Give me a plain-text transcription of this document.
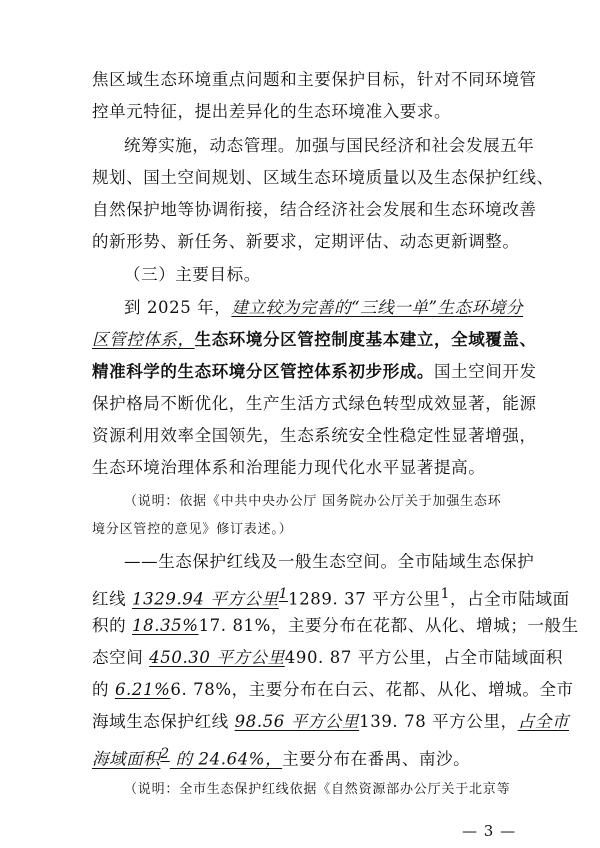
焦区域生态环境重点问题和主要保护目标，针对不同环境管
控单元特征，提出差异化的生态环境准入要求。
统筹实施，动态管理。加强与国民经济和社会发展五年
规划、国土空间规划、区域生态环境质量以及生态保护红线、
自然保护地等协调衔接，结合经济社会发展和生态环境改善
的新形势、新任务、新要求，定期评估、动态更新调整。
（三）主要目标。
到 2025 年，建立较为完善的“三线一单”生态环境分
区管控体系，生态环境分区管控制度基本建立，全域覆盖、
精准科学的生态环境分区管控体系初步形成。国土空间开发
保护格局不断优化，生产生活方式绿色转型成效显著，能源
资源利用效率全国领先，生态系统安全性稳定性显著增强，
生态环境治理体系和治理能力现代化水平显著提高。
（说明：依据《中共中央办公厅 国务院办公厅关于加强生态环
境分区管控的意见》修订表述。）
——生态保护红线及一般生态空间。全市陆域生态保护
红线 1329.94 平方公里$^1$1289. 37 平方公里$^1$，占全市陆域面
积的 18.35%17. 81%，主要分布在花都、从化、增城；一般生
态空间 450.30 平方公里490. 87 平方公里，占全市陆域面积
的 6.21%6. 78%，主要分布在白云、花都、从化、增城。全市
海域生态保护红线 98.56 平方公里139. 78 平方公里，占全市
海域面积$^2$ 的 24.64%，主要分布在番禺、南沙。
（说明：全市生态保护红线依据《自然资源部办公厅关于北京等
— 3 —
